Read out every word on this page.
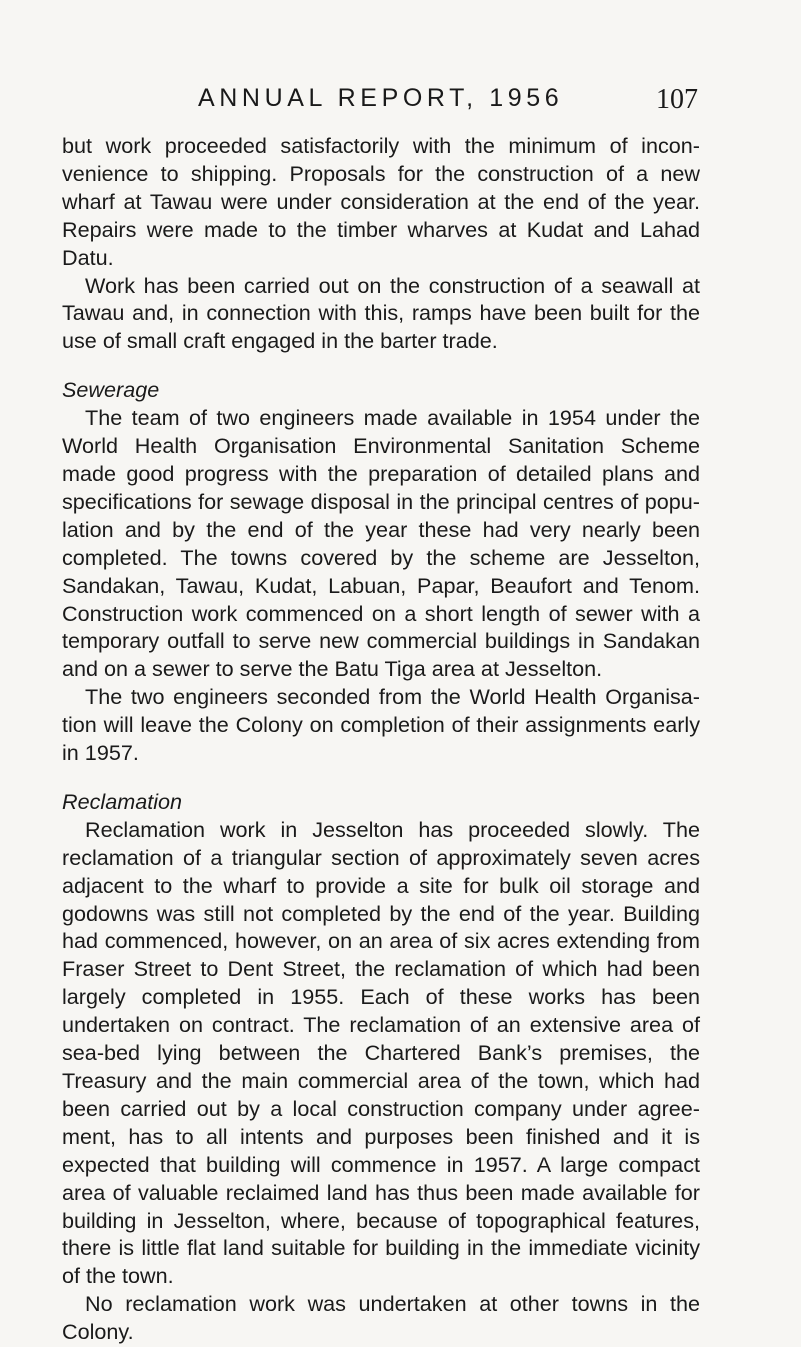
ANNUAL REPORT, 1956	107

but work proceeded satisfactorily with the minimum of incon-venience to shipping. Proposals for the construction of a new wharf at Tawau were under consideration at the end of the year. Repairs were made to the timber wharves at Kudat and Lahad Datu.

Work has been carried out on the construction of a seawall at Tawau and, in connection with this, ramps have been built for the use of small craft engaged in the barter trade.

Sewerage

The team of two engineers made available in 1954 under the World Health Organisation Environmental Sanitation Scheme made good progress with the preparation of detailed plans and specifications for sewage disposal in the principal centres of popu-lation and by the end of the year these had very nearly been completed. The towns covered by the scheme are Jesselton, Sandakan, Tawau, Kudat, Labuan, Papar, Beaufort and Tenom. Construction work commenced on a short length of sewer with a temporary outfall to serve new commercial buildings in Sandakan and on a sewer to serve the Batu Tiga area at Jesselton.

The two engineers seconded from the World Health Organisa-tion will leave the Colony on completion of their assignments early in 1957.

Reclamation

Reclamation work in Jesselton has proceeded slowly. The reclamation of a triangular section of approximately seven acres adjacent to the wharf to provide a site for bulk oil storage and godowns was still not completed by the end of the year. Building had commenced, however, on an area of six acres extending from Fraser Street to Dent Street, the reclamation of which had been largely completed in 1955. Each of these works has been undertaken on contract. The reclamation of an extensive area of sea-bed lying between the Chartered Bank’s premises, the Treasury and the main commercial area of the town, which had been carried out by a local construction company under agree-ment, has to all intents and purposes been finished and it is expected that building will commence in 1957. A large compact area of valuable reclaimed land has thus been made available for building in Jesselton, where, because of topographical features, there is little flat land suitable for building in the immediate vicinity of the town.

No reclamation work was undertaken at other towns in the Colony.
